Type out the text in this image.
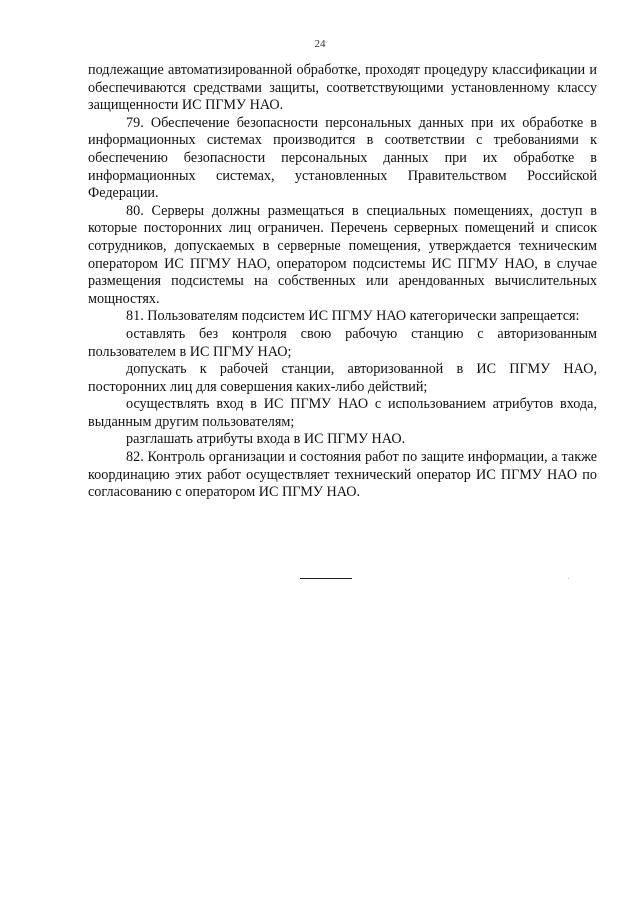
24

подлежащие автоматизированной обработке, проходят процедуру классификации и обеспечиваются средствами защиты, соответствующими установленному классу защищенности ИС ПГМУ НАО.

79. Обеспечение безопасности персональных данных при их обработке в информационных системах производится в соответствии с требованиями к обеспечению безопасности персональных данных при их обработке в информационных системах, установленных Правительством Российской Федерации.

80. Серверы должны размещаться в специальных помещениях, доступ в которые посторонних лиц ограничен. Перечень серверных помещений и список сотрудников, допускаемых в серверные помещения, утверждается техническим оператором ИС ПГМУ НАО, оператором подсистемы ИС ПГМУ НАО, в случае размещения подсистемы на собственных или арендованных вычислительных мощностях.

81. Пользователям подсистем ИС ПГМУ НАО категорически запрещается:

оставлять без контроля свою рабочую станцию с авторизованным пользователем в ИС ПГМУ НАО;

допускать к рабочей станции, авторизованной в ИС ПГМУ НАО, посторонних лиц для совершения каких-либо действий;

осуществлять вход в ИС ПГМУ НАО с использованием атрибутов входа, выданным другим пользователям;

разглашать атрибуты входа в ИС ПГМУ НАО.

82. Контроль организации и состояния работ по защите информации, а также координацию этих работ осуществляет технический оператор ИС ПГМУ НАО по согласованию с оператором ИС ПГМУ НАО.
